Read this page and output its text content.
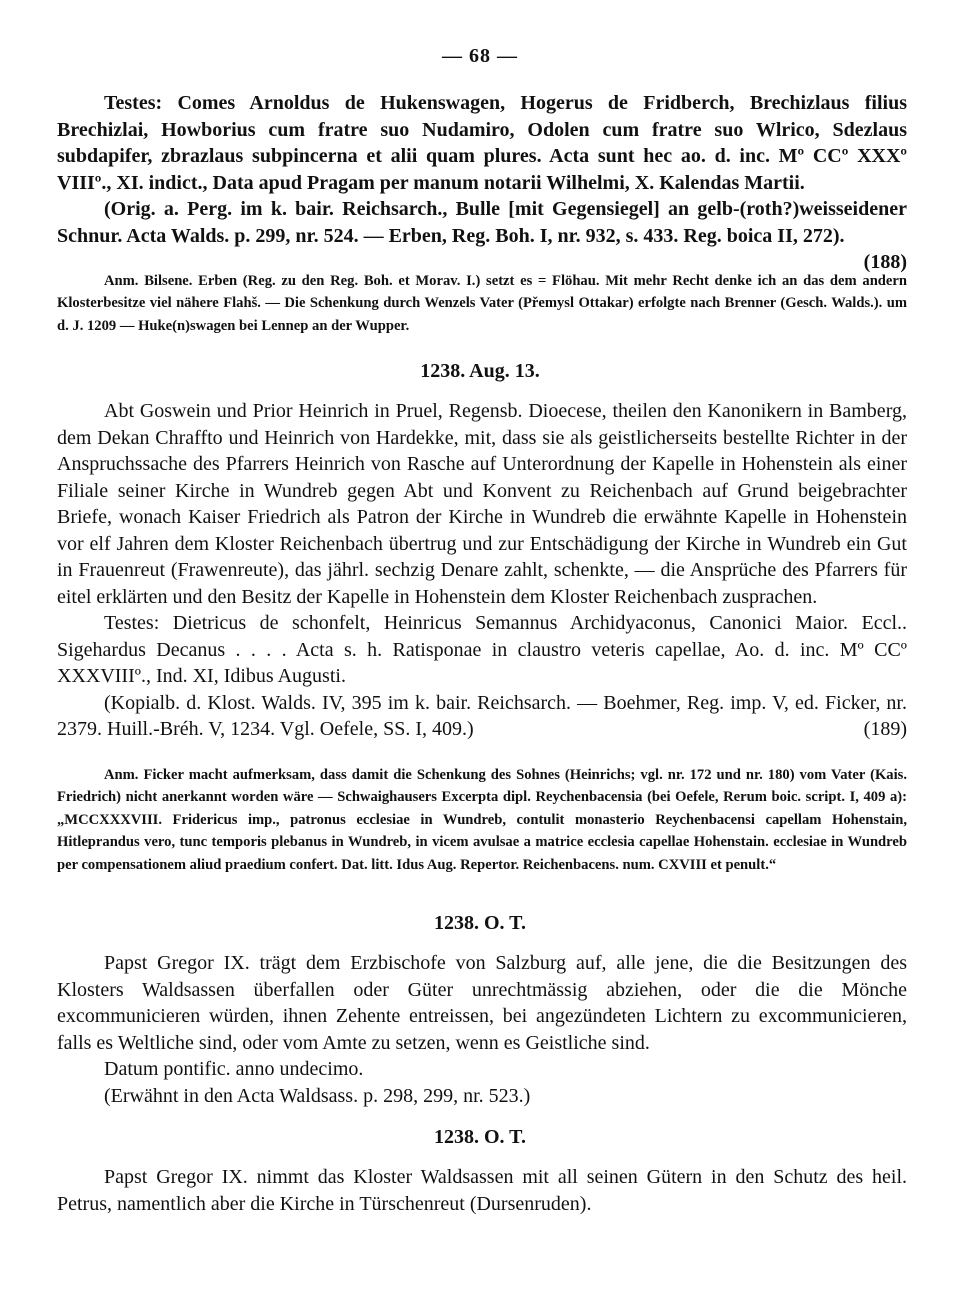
— 68 —

Testes: Comes Arnoldus de Hukenswagen, Hogerus de Fridberch, Brechizlaus filius Brechizlai, Howborius cum fratre suo Nudamiro, Odolen cum fratre suo Wlrico, Sdezlaus subdapifer, zbrazlaus subpincerna et alii quam plures. Acta sunt hec ao. d. inc. Mº CCº XXXº VIIIº., XI. indict., Data apud Pragam per manum notarii Wilhelmi, X. Kalendas Martii.

(Orig. a. Perg. im k. bair. Reichsarch., Bulle [mit Gegensiegel] an gelb-(roth?)weisseidener Schnur. Acta Walds. p. 299, nr. 524. — Erben, Reg. Boh. I, nr. 932, s. 433. Reg. boica II, 272).
(188)

Anm. Bilsene. Erben (Reg. zu den Reg. Boh. et Morav. I.) setzt es = Flöhau. Mit mehr Recht denke ich an das dem andern Klosterbesitze viel nähere Flahš. — Die Schenkung durch Wenzels Vater (Přemysl Ottakar) erfolgte nach Brenner (Gesch. Walds.). um d. J. 1209 — Huke(n)swagen bei Lennep an der Wupper.

1238. Aug. 13.

Abt Goswein und Prior Heinrich in Pruel, Regensb. Dioecese, theilen den Kanonikern in Bamberg, dem Dekan Chraffto und Heinrich von Hardekke, mit, dass sie als geistlicherseits bestellte Richter in der Anspruchssache des Pfarrers Heinrich von Rasche auf Unterordnung der Kapelle in Hohenstein als einer Filiale seiner Kirche in Wundreb gegen Abt und Konvent zu Reichenbach auf Grund beigebrachter Briefe, wonach Kaiser Friedrich als Patron der Kirche in Wundreb die erwähnte Kapelle in Hohenstein vor elf Jahren dem Kloster Reichenbach übertrug und zur Entschädigung der Kirche in Wundreb ein Gut in Frauenreut (Frawenreute), das jährl. sechzig Denare zahlt, schenkte, — die Ansprüche des Pfarrers für eitel erklärten und den Besitz der Kapelle in Hohenstein dem Kloster Reichenbach zusprachen.

Testes: Dietricus de schonfelt, Heinricus Semannus Archidyaconus, Canonici Maior. Eccl.. Sigehardus Decanus . . . . Acta s. h. Ratisponae in claustro veteris capellae, Ao. d. inc. Mº CCº XXXVIIIº., Ind. XI, Idibus Augusti.

(Kopialb. d. Klost. Walds. IV, 395 im k. bair. Reichsarch. — Boehmer, Reg. imp. V, ed. Ficker, nr. 2379. Huill.-Bréh. V, 1234. Vgl. Oefele, SS. I, 409.)	(189)

Anm. Ficker macht aufmerksam, dass damit die Schenkung des Sohnes (Heinrichs; vgl. nr. 172 und nr. 180) vom Vater (Kais. Friedrich) nicht anerkannt worden wäre — Schwaighausers Excerpta dipl. Reychenbacensia (bei Oefele, Rerum boic. script. I, 409 a): „MCCXXXVIII. Fridericus imp., patronus ecclesiae in Wundreb, contulit monasterio Reychenbacensi capellam Hohenstain, Hitleprandus vero, tunc temporis plebanus in Wundreb, in vicem avulsae a matrice ecclesia capellae Hohenstain. ecclesiae in Wundreb per compensationem aliud praedium confert. Dat. litt. Idus Aug. Repertor. Reichenbacens. num. CXVIII et penult.“

1238. O. T.

Papst Gregor IX. trägt dem Erzbischofe von Salzburg auf, alle jene, die die Besitzungen des Klosters Waldsassen überfallen oder Güter unrechtmässig abziehen, oder die die Mönche excommunicieren würden, ihnen Zehente entreissen, bei angezündeten Lichtern zu excommunicieren, falls es Weltliche sind, oder vom Amte zu setzen, wenn es Geistliche sind.

Datum pontific. anno undecimo.

(Erwähnt in den Acta Waldsass. p. 298, 299, nr. 523.)

1238. O. T.

Papst Gregor IX. nimmt das Kloster Waldsassen mit all seinen Gütern in den Schutz des heil. Petrus, namentlich aber die Kirche in Türschenreut (Dursenruden).
